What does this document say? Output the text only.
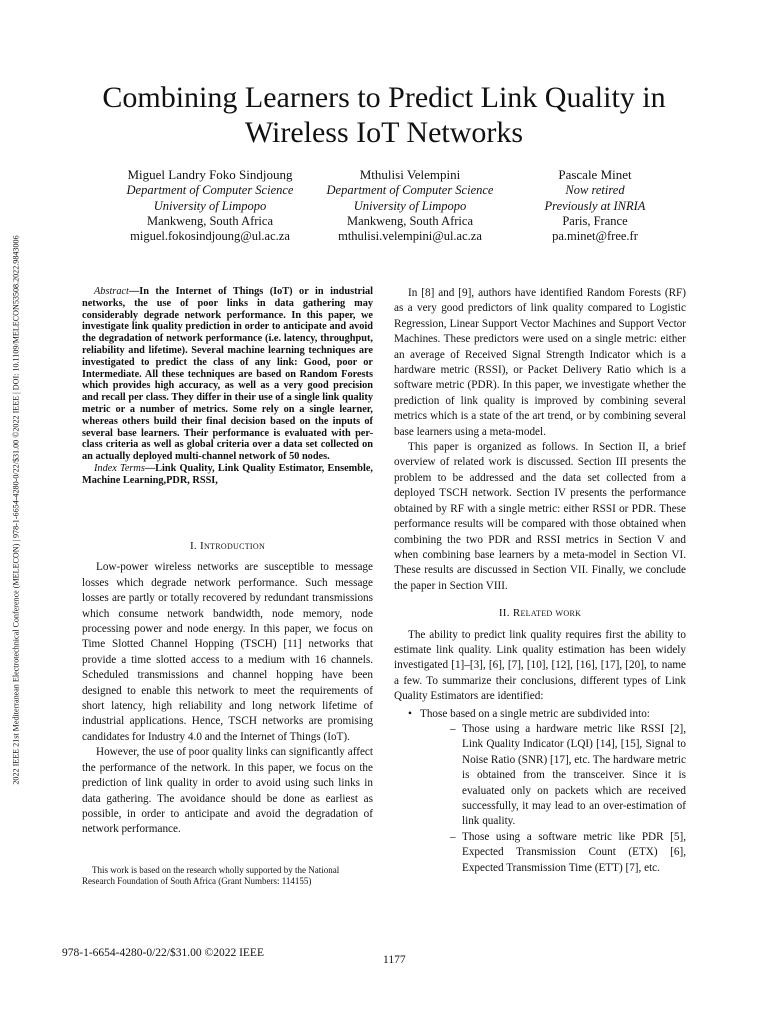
2022 IEEE 21st Mediterranean Electrotechnical Conference (MELECON) | 978-1-6654-4280-0/22/$31.00 ©2022 IEEE | DOI: 10.1109/MELECON53508.2022.9843006
Combining Learners to Predict Link Quality in
Wireless IoT Networks
Miguel Landry Foko Sindjoung
Department of Computer Science
University of Limpopo
Mankweng, South Africa
miguel.fokosindjoung@ul.ac.za
Mthulisi Velempini
Department of Computer Science
University of Limpopo
Mankweng, South Africa
mthulisi.velempini@ul.ac.za
Pascale Minet
Now retired
Previously at INRIA
Paris, France
pa.minet@free.fr

Abstract—In the Internet of Things (IoT) or in industrial networks, the use of poor links in data gathering may considerably degrade network performance. In this paper, we investigate link quality prediction in order to anticipate and avoid the degradation of network performance (i.e. latency, throughput, reliability and lifetime). Several machine learning techniques are investigated to predict the class of any link: Good, poor or Intermediate. All these techniques are based on Random Forests which provides high accuracy, as well as a very good precision and recall per class. They differ in their use of a single link quality metric or a number of metrics. Some rely on a single learner, whereas others build their final decision based on the inputs of several base learners. Their performance is evaluated with per-class criteria as well as global criteria over a data set collected on an actually deployed multi-channel network of 50 nodes.

Index Terms—Link Quality, Link Quality Estimator, Ensemble, Machine Learning,PDR, RSSI,

I. Introduction

Low-power wireless networks are susceptible to message losses which degrade network performance. Such message losses are partly or totally recovered by redundant transmissions which consume network bandwidth, node memory, node processing power and node energy. In this paper, we focus on Time Slotted Channel Hopping (TSCH) [11] networks that provide a time slotted access to a medium with 16 channels. Scheduled transmissions and channel hopping have been designed to enable this network to meet the requirements of short latency, high reliability and long network lifetime of industrial applications. Hence, TSCH networks are promising candidates for Industry 4.0 and the Internet of Things (IoT).

However, the use of poor quality links can significantly affect the performance of the network. In this paper, we focus on the prediction of link quality in order to avoid using such links in data gathering. The avoidance should be done as earliest as possible, in order to anticipate and avoid the degradation of network performance.

This work is based on the research wholly supported by the National Research Foundation of South Africa (Grant Numbers: 114155)

In [8] and [9], authors have identified Random Forests (RF) as a very good predictors of link quality compared to Logistic Regression, Linear Support Vector Machines and Support Vector Machines. These predictors were used on a single metric: either an average of Received Signal Strength Indicator which is a hardware metric (RSSI), or Packet Delivery Ratio which is a software metric (PDR). In this paper, we investigate whether the prediction of link quality is improved by combining several metrics which is a state of the art trend, or by combining several base learners using a meta-model.

This paper is organized as follows. In Section II, a brief overview of related work is discussed. Section III presents the problem to be addressed and the data set collected from a deployed TSCH network. Section IV presents the performance obtained by RF with a single metric: either RSSI or PDR. These performance results will be compared with those obtained when combining the two PDR and RSSI metrics in Section V and when combining base learners by a meta-model in Section VI. These results are discussed in Section VII. Finally, we conclude the paper in Section VIII.

II. Related work

The ability to predict link quality requires first the ability to estimate link quality. Link quality estimation has been widely investigated [1]–[3], [6], [7], [10], [12], [16], [17], [20], to name a few. To summarize their conclusions, different types of Link Quality Estimators are identified:

• Those based on a single metric are subdivided into:
– Those using a hardware metric like RSSI [2], Link Quality Indicator (LQI) [14], [15], Signal to Noise Ratio (SNR) [17], etc. The hardware metric is obtained from the transceiver. Since it is evaluated only on packets which are received successfully, it may lead to an over-estimation of link quality.
– Those using a software metric like PDR [5], Expected Transmission Count (ETX) [6], Expected Transmission Time (ETT) [7], etc.
978-1-6654-4280-0/22/$31.00 ©2022 IEEE
1177
